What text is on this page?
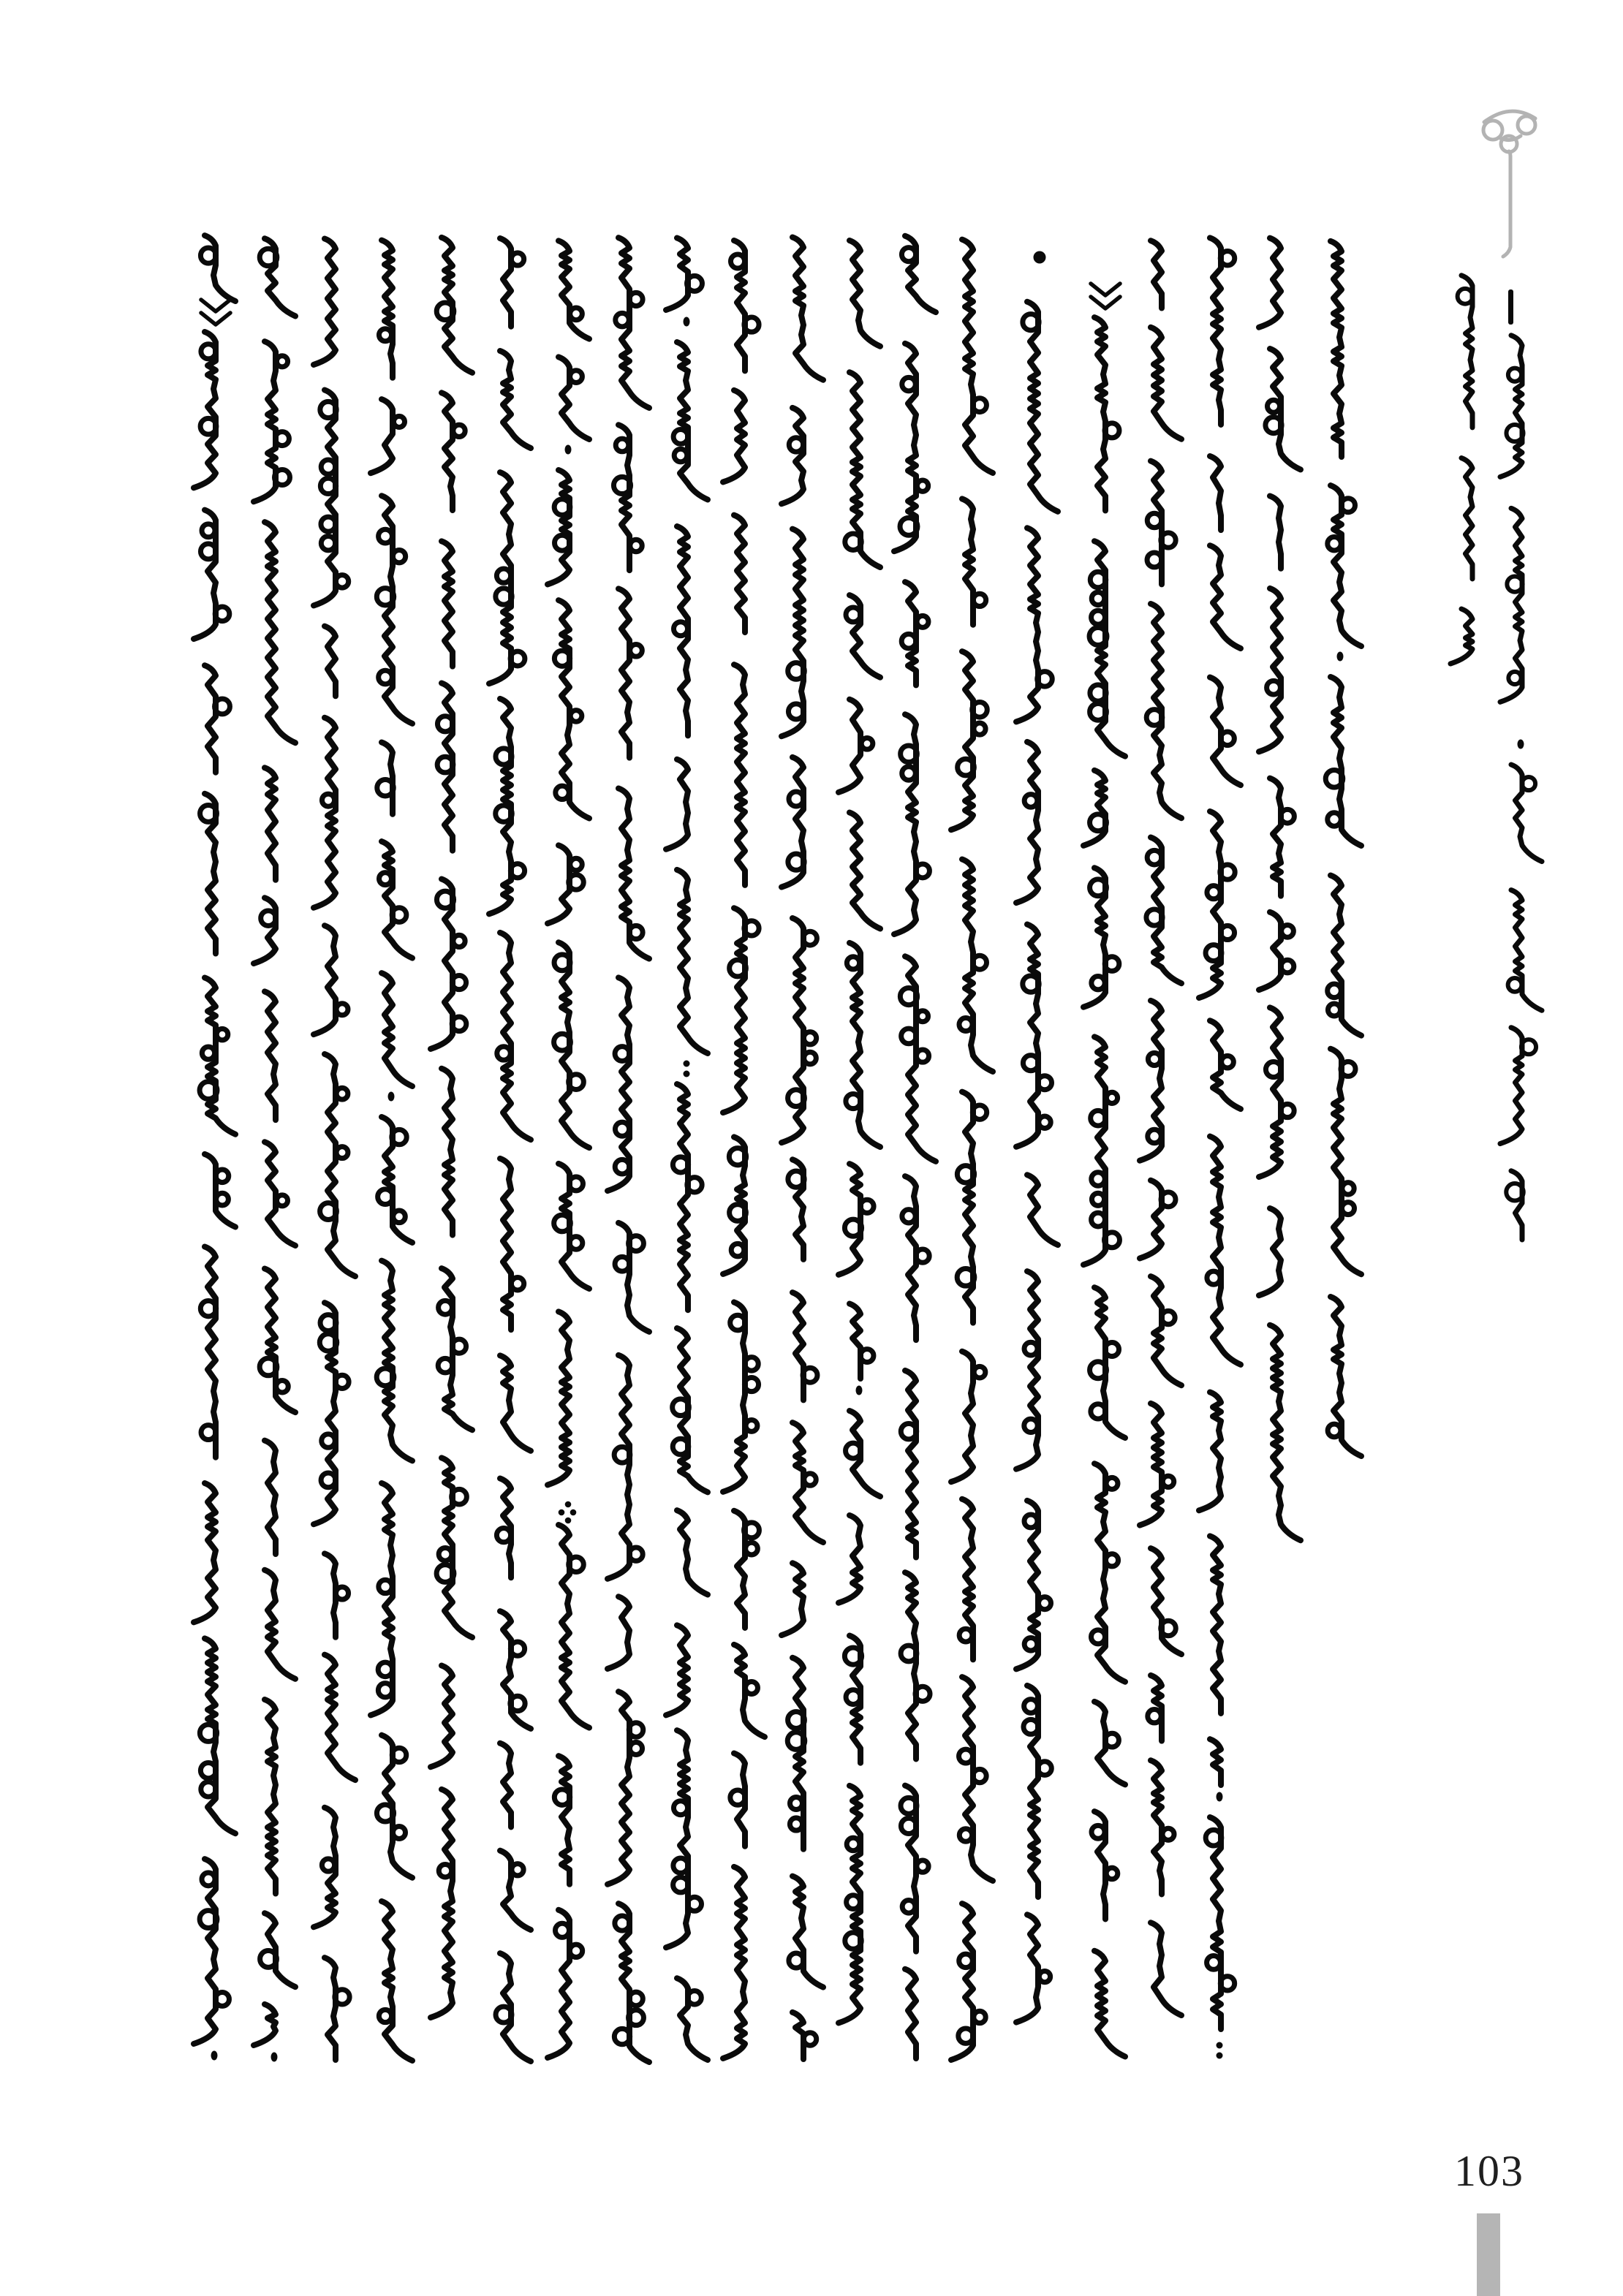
103
